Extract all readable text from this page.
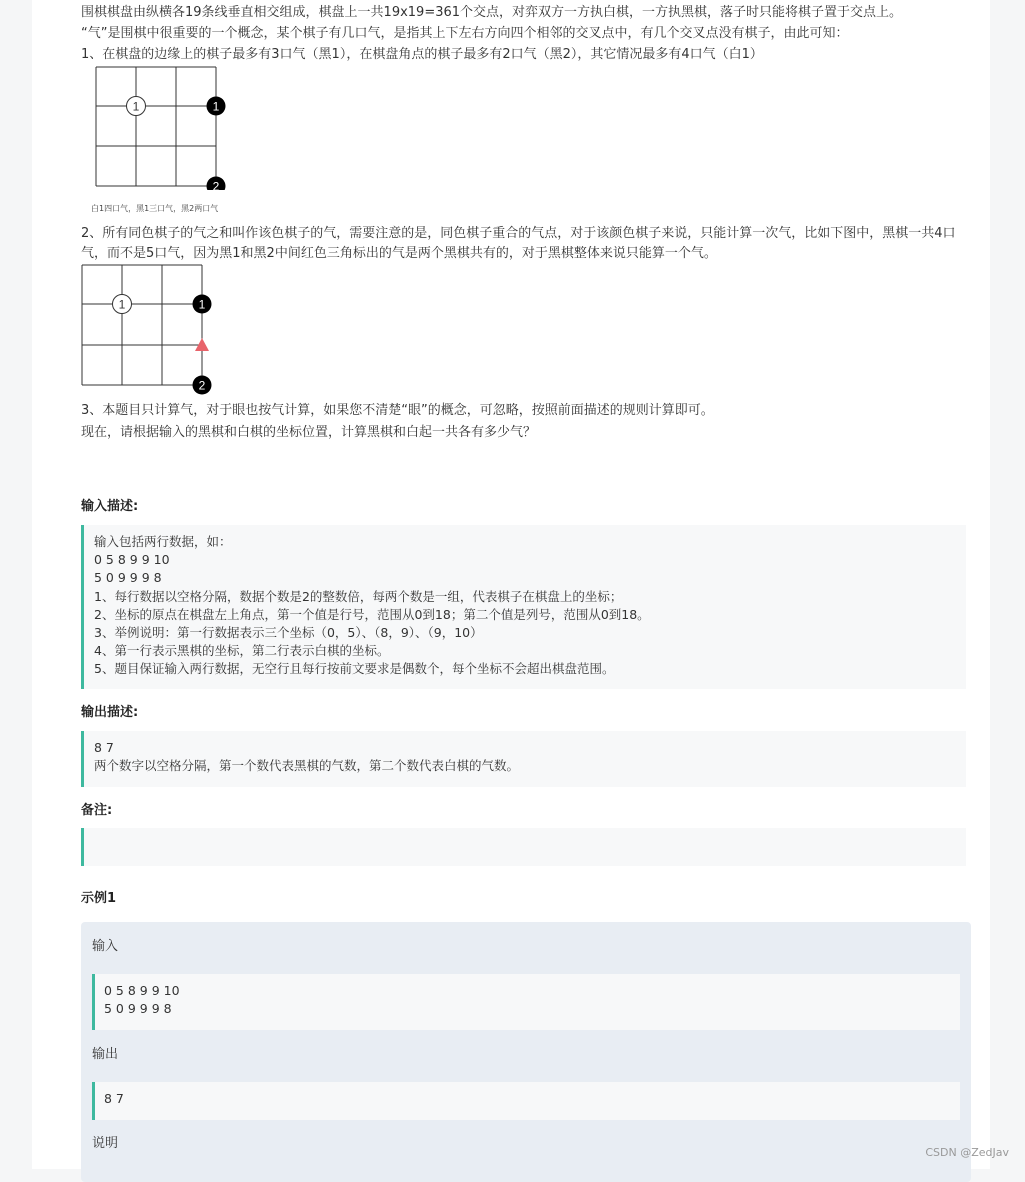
围棋棋盘由纵横各19条线垂直相交组成，棋盘上一共19x19=361个交点，对弈双方一方执白棋，一方执黑棋，落子时只能将棋子置于交点上。
“气”是围棋中很重要的一个概念，某个棋子有几口气，是指其上下左右方向四个相邻的交叉点中，有几个交叉点没有棋子，由此可知：
1、在棋盘的边缘上的棋子最多有3口气（黑1），在棋盘角点的棋子最多有2口气（黑2），其它情况最多有4口气（白1）
1	1
2
白1四口气，黑1三口气，黑2两口气
2、所有同色棋子的气之和叫作该色棋子的气，需要注意的是，同色棋子重合的气点，对于该颜色棋子来说，只能计算一次气，比如下图中，黑棋一共4口气，而不是5口气，因为黑1和黑2中间红色三角标出的气是两个黑棋共有的，对于黑棋整体来说只能算一个气。
1	1
2
3、本题目只计算气，对于眼也按气计算，如果您不清楚“眼”的概念，可忽略，按照前面描述的规则计算即可。
现在，请根据输入的黑棋和白棋的坐标位置，计算黑棋和白起一共各有多少气？
输入描述:
输入包括两行数据，如：
0 5 8 9 9 10
5 0 9 9 9 8
1、每行数据以空格分隔，数据个数是2的整数倍，每两个数是一组，代表棋子在棋盘上的坐标；
2、坐标的原点在棋盘左上角点，第一个值是行号，范围从0到18；第二个值是列号，范围从0到18。
3、举例说明：第一行数据表示三个坐标（0，5）、（8，9）、（9，10）
4、第一行表示黑棋的坐标，第二行表示白棋的坐标。
5、题目保证输入两行数据，无空行且每行按前文要求是偶数个，每个坐标不会超出棋盘范围。
输出描述:
8 7
两个数字以空格分隔，第一个数代表黑棋的气数，第二个数代表白棋的气数。
备注:
示例1
输入
0 5 8 9 9 10
5 0 9 9 9 8
输出
8 7
说明
CSDN @ZedJav
